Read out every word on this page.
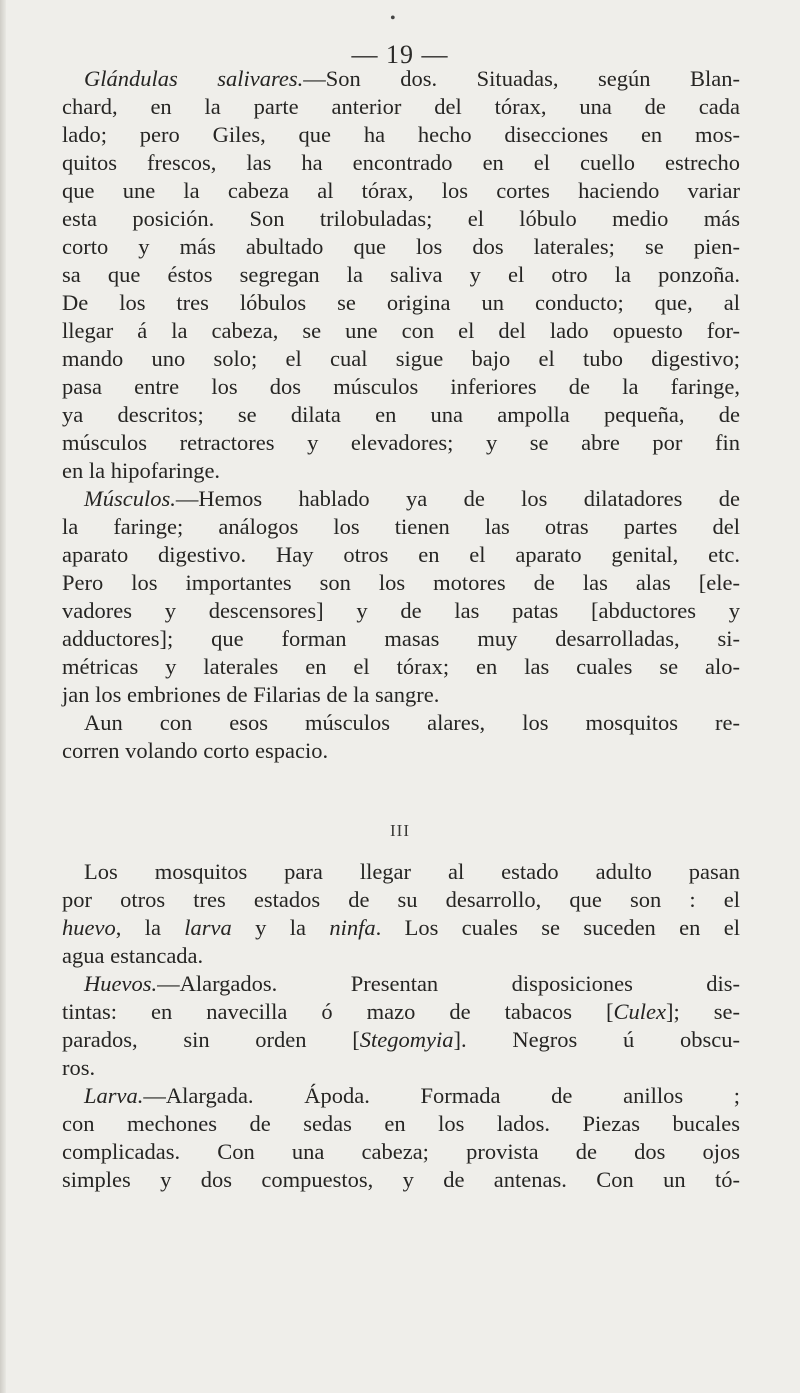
•
— 19 —
Glándulas salivares.—Son dos. Situadas, según Blan-
chard, en la parte anterior del tórax, una de cada
lado; pero Giles, que ha hecho disecciones en mos-
quitos frescos, las ha encontrado en el cuello estrecho
que une la cabeza al tórax, los cortes haciendo variar
esta posición. Son trilobuladas; el lóbulo medio más
corto y más abultado que los dos laterales; se pien-
sa que éstos segregan la saliva y el otro la ponzoña.
De los tres lóbulos se origina un conducto; que, al
llegar á la cabeza, se une con el del lado opuesto for-
mando uno solo; el cual sigue bajo el tubo digestivo;
pasa entre los dos músculos inferiores de la faringe,
ya descritos; se dilata en una ampolla pequeña, de
músculos retractores y elevadores; y se abre por fin
en la hipofaringe.
Músculos.—Hemos hablado ya de los dilatadores de
la faringe; análogos los tienen las otras partes del
aparato digestivo. Hay otros en el aparato genital, etc.
Pero los importantes son los motores de las alas [ele-
vadores y descensores] y de las patas [abductores y
adductores]; que forman masas muy desarrolladas, si-
métricas y laterales en el tórax; en las cuales se alo-
jan los embriones de Filarias de la sangre.
Aun con esos músculos alares, los mosquitos re-
corren volando corto espacio.
III
Los mosquitos para llegar al estado adulto pasan
por otros tres estados de su desarrollo, que son : el
huevo, la larva y la ninfa. Los cuales se suceden en el
agua estancada.
Huevos.—Alargados. Presentan disposiciones dis-
tintas: en navecilla ó mazo de tabacos [Culex]; se-
parados, sin orden [Stegomyia]. Negros ú obscu-
ros.
Larva.—Alargada. Ápoda. Formada de anillos ;
con mechones de sedas en los lados. Piezas bucales
complicadas. Con una cabeza; provista de dos ojos
simples y dos compuestos, y de antenas. Con un tó-
